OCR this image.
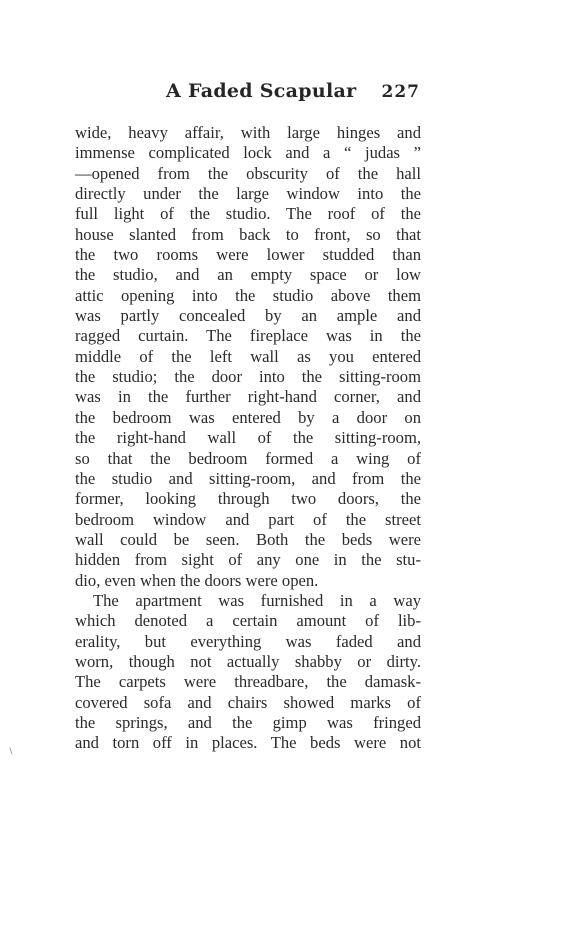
A Faded Scapular 227
wide, heavy affair, with large hinges and
immense complicated lock and a “ judas ”
—opened from the obscurity of the hall
directly under the large window into the
full light of the studio. The roof of the
house slanted from back to front, so that
the two rooms were lower studded than
the studio, and an empty space or low
attic opening into the studio above them
was partly concealed by an ample and
ragged curtain. The fireplace was in the
middle of the left wall as you entered
the studio; the door into the sitting-room
was in the further right-hand corner, and
the bedroom was entered by a door on
the right-hand wall of the sitting-room,
so that the bedroom formed a wing of
the studio and sitting-room, and from the
former, looking through two doors, the
bedroom window and part of the street
wall could be seen. Both the beds were
hidden from sight of any one in the stu-
dio, even when the doors were open.
The apartment was furnished in a way
which denoted a certain amount of lib-
erality, but everything was faded and
worn, though not actually shabby or dirty.
The carpets were threadbare, the damask-
covered sofa and chairs showed marks of
the springs, and the gimp was fringed
and torn off in places. The beds were not
∖
